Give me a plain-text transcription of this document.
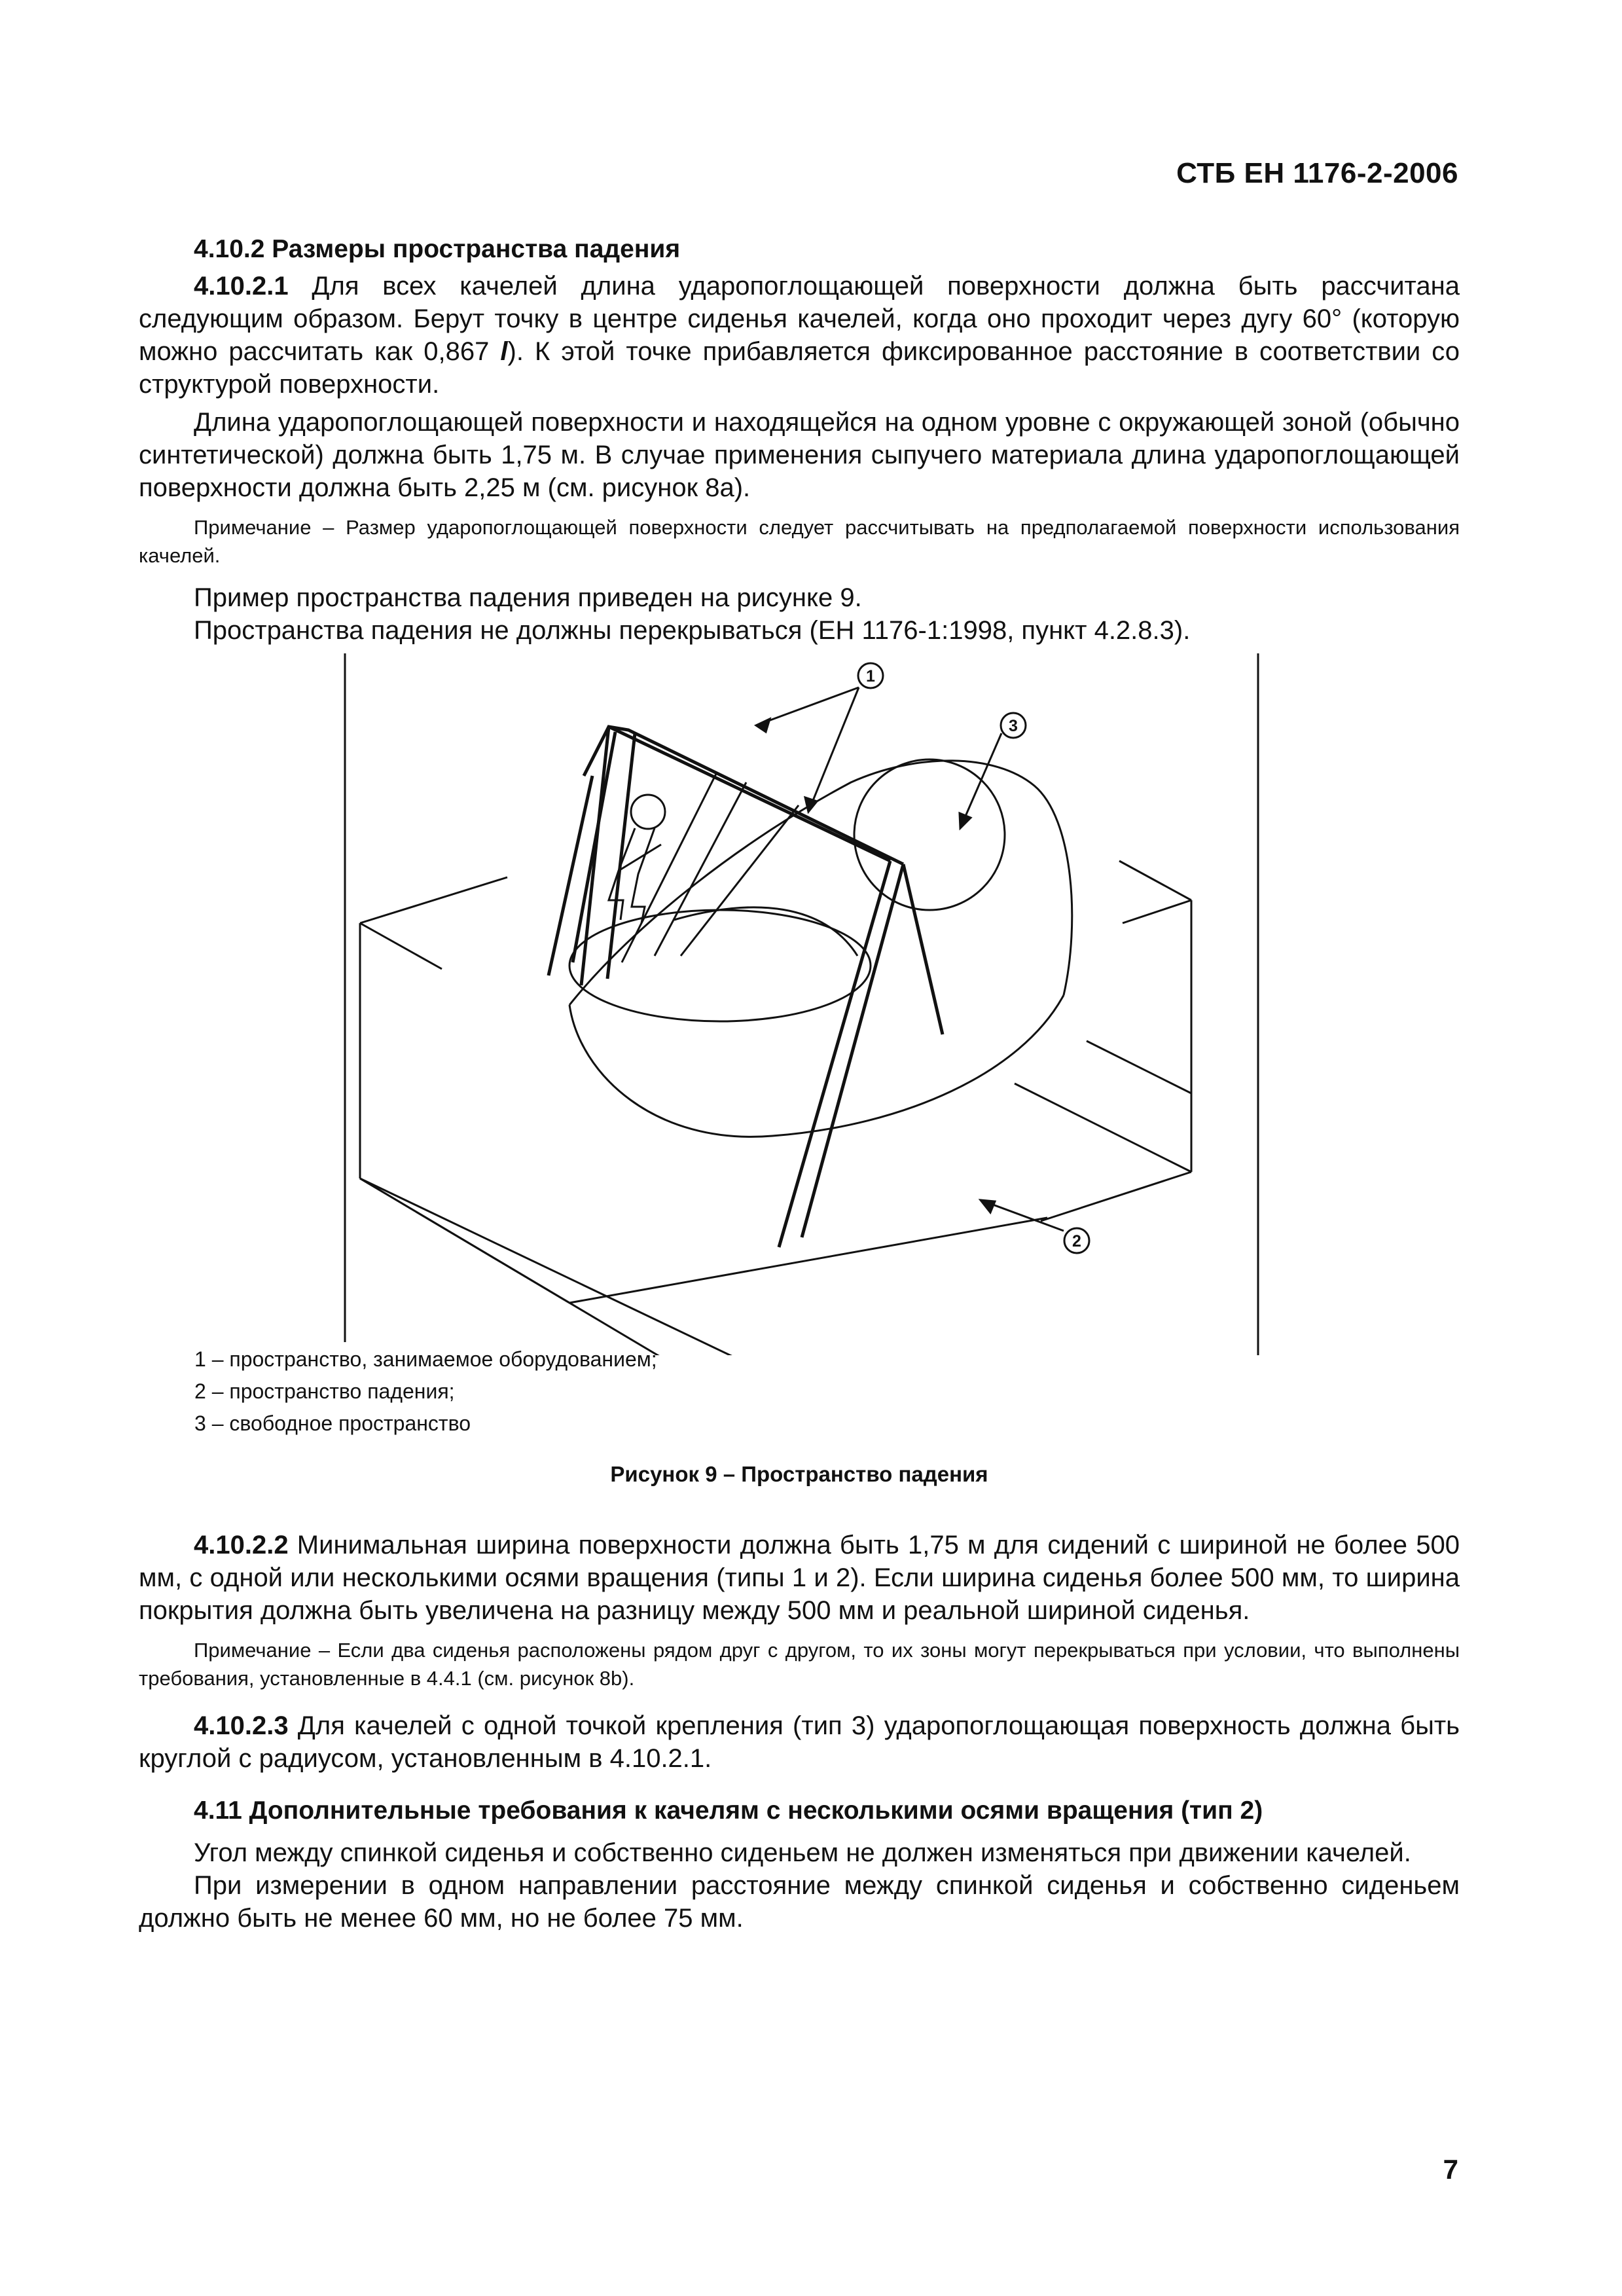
СТБ ЕН 1176-2-2006

4.10.2 Размеры пространства падения

4.10.2.1 Для всех качелей длина ударопоглощающей поверхности должна быть рассчитана следующим образом. Берут точку в центре сиденья качелей, когда оно проходит через дугу 60° (которую можно рассчитать как 0,867 l). К этой точке прибавляется фиксированное расстояние в соответствии со структурой поверхности.

Длина ударопоглощающей поверхности и находящейся на одном уровне с окружающей зоной (обычно синтетической) должна быть 1,75 м. В случае применения сыпучего материала длина ударопоглощающей поверхности должна быть 2,25 м (см. рисунок 8а).

Примечание – Размер ударопоглощающей поверхности следует рассчитывать на предполагаемой поверхности использования качелей.

Пример пространства падения приведен на рисунке 9.

Пространства падения не должны перекрываться (ЕН 1176-1:1998, пункт 4.2.8.3).

1
3
2
1 – пространство, занимаемое оборудованием;
2 – пространство падения;
3 – свободное пространство
Рисунок 9 – Пространство падения

4.10.2.2 Минимальная ширина поверхности должна быть 1,75 м для сидений с шириной не более 500 мм, с одной или несколькими осями вращения (типы 1 и 2). Если ширина сиденья более 500 мм, то ширина покрытия должна быть увеличена на разницу между 500 мм и реальной шириной сиденья.

Примечание – Если два сиденья расположены рядом друг с другом, то их зоны могут перекрываться при условии, что выполнены требования, установленные в 4.4.1 (см. рисунок 8b).

4.10.2.3 Для качелей с одной точкой крепления (тип 3) ударопоглощающая поверхность должна быть круглой с радиусом, установленным в 4.10.2.1.

4.11 Дополнительные требования к качелям с несколькими осями вращения (тип 2)

Угол между спинкой сиденья и собственно сиденьем не должен изменяться при движении качелей.

При измерении в одном направлении расстояние между спинкой сиденья и собственно сиденьем должно быть не менее 60 мм, но не более 75 мм.

7
